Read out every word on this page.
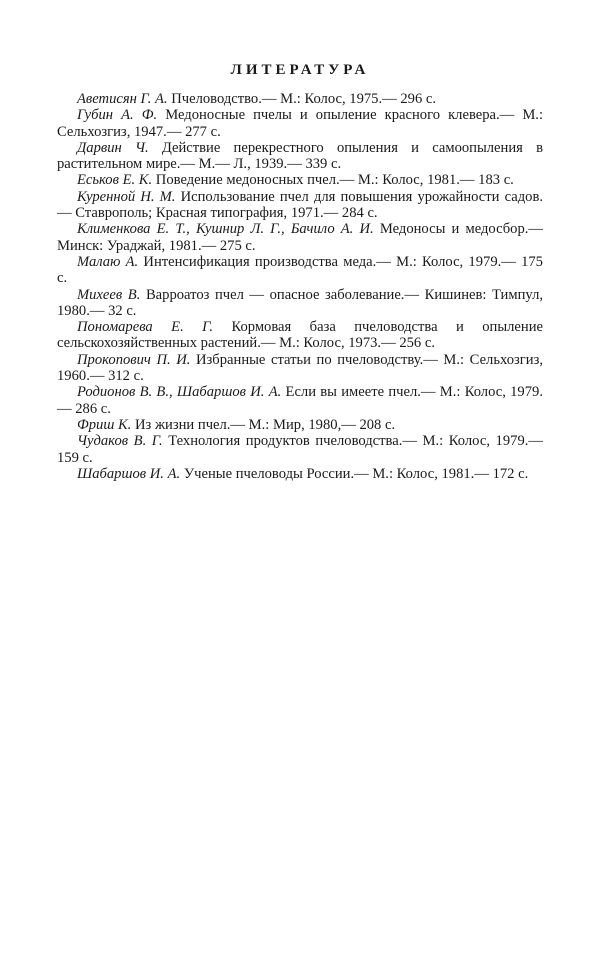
ЛИТЕРАТУРА

Аветисян Г. А. Пчеловодство.— М.: Колос, 1975.— 296 с.

Губин А. Ф. Медоносные пчелы и опыление красного клевера.— М.: Сельхозгиз, 1947.— 277 с.

Дарвин Ч. Действие перекрестного опыления и самоопыления в растительном мире.— М.— Л., 1939.— 339 с.

Еськов Е. К. Поведение медоносных пчел.— М.: Колос, 1981.— 183 с.

Куренной Н. М. Использование пчел для повышения урожайности садов.— Ставрополь; Красная типография, 1971.— 284 с.

Клименкова Е. Т., Кушнир Л. Г., Бачило А. И. Медоносы и медосбор.— Минск: Ураджай, 1981.— 275 с.

Малаю А. Интенсификация производства меда.— М.: Колос, 1979.— 175 с.

Михеев В. Варроатоз пчел — опасное заболевание.— Кишинев: Тимпул, 1980.— 32 с.

Пономарева Е. Г. Кормовая база пчеловодства и опыление сельскохозяйственных растений.— М.: Колос, 1973.— 256 с.

Прокопович П. И. Избранные статьи по пчеловодству.— М.: Сельхозгиз, 1960.— 312 с.

Родионов В. В., Шабаршов И. А. Если вы имеете пчел.— М.: Колос, 1979.— 286 с.

Фриш К. Из жизни пчел.— М.: Мир, 1980,— 208 с.

Чудаков В. Г. Технология продуктов пчеловодства.— М.: Колос, 1979.— 159 с.

Шабаршов И. А. Ученые пчеловоды России.— М.: Колос, 1981.— 172 с.
